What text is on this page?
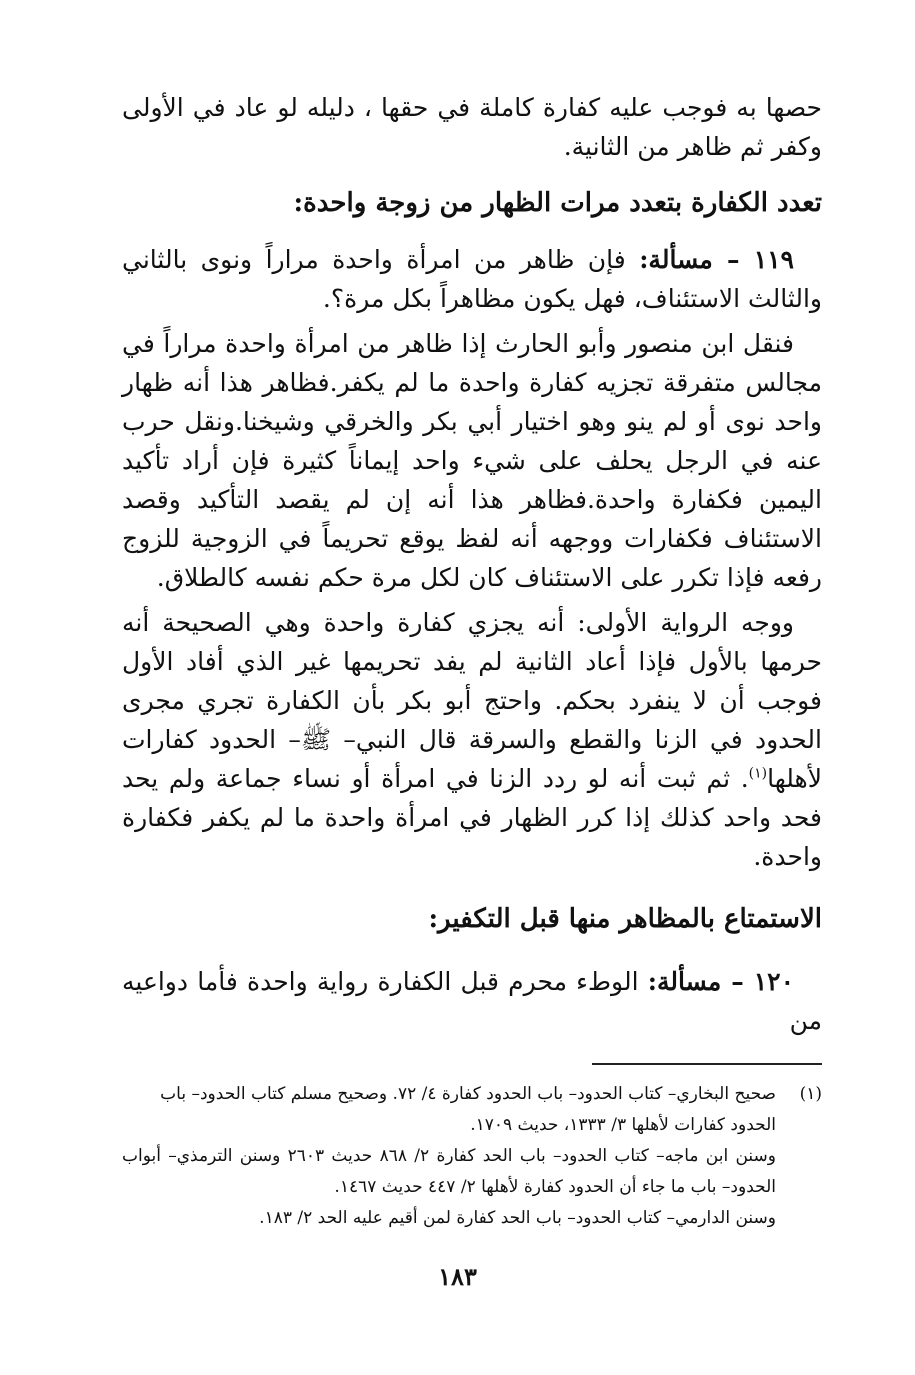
حصها به فوجب عليه كفارة كاملة في حقها ، دليله لو عاد في الأولى وكفر ثم ظاهر من الثانية.

تعدد الكفارة بتعدد مرات الظهار من زوجة واحدة:

١١٩ – مسألة: فإن ظاهر من امرأة واحدة مراراً ونوى بالثاني والثالث الاستئناف، فهل يكون مظاهراً بكل مرة؟.

فنقل ابن منصور وأبو الحارث إذا ظاهر من امرأة واحدة مراراً في مجالس متفرقة تجزيه كفارة واحدة ما لم يكفر.فظاهر هذا أنه ظهار واحد نوى أو لم ينو وهو اختيار أبي بكر والخرقي وشيخنا.ونقل حرب عنه في الرجل يحلف على شيء واحد إيماناً كثيرة فإن أراد تأكيد اليمين فكفارة واحدة.فظاهر هذا أنه إن لم يقصد التأكيد وقصد الاستئناف فكفارات ووجهه أنه لفظ يوقع تحريماً في الزوجية للزوج رفعه فإذا تكرر على الاستئناف كان لكل مرة حكم نفسه كالطلاق.

ووجه الرواية الأولى: أنه يجزي كفارة واحدة وهي الصحيحة أنه حرمها بالأول فإذا أعاد الثانية لم يفد تحريمها غير الذي أفاد الأول فوجب أن لا ينفرد بحكم. واحتج أبو بكر بأن الكفارة تجري مجرى الحدود في الزنا والقطع والسرقة قال النبي– ﷺ– الحدود كفارات لأهلها$^{(١)}$. ثم ثبت أنه لو ردد الزنا في امرأة أو نساء جماعة ولم يحد فحد واحد كذلك إذا كرر الظهار في امرأة واحدة ما لم يكفر فكفارة واحدة.

الاستمتاع بالمظاهر منها قبل التكفير:

١٢٠ – مسألة: الوطء محرم قبل الكفارة رواية واحدة فأما دواعيه من

(١)
صحيح البخاري– كتاب الحدود– باب الحدود كفارة ٤/ ٧٢. وصحيح مسلم كتاب الحدود– باب الحدود كفارات لأهلها ٣/ ١٣٣٣، حديث ١٧٠٩.

وسنن ابن ماجه– كتاب الحدود– باب الحد كفارة ٢/ ٨٦٨ حديث ٢٦٠٣ وسنن الترمذي– أبواب الحدود– باب ما جاء أن الحدود كفارة لأهلها ٢/ ٤٤٧ حديث ١٤٦٧.

وسنن الدارمي– كتاب الحدود– باب الحد كفارة لمن أقيم عليه الحد ٢/ ١٨٣.

١٨٣
